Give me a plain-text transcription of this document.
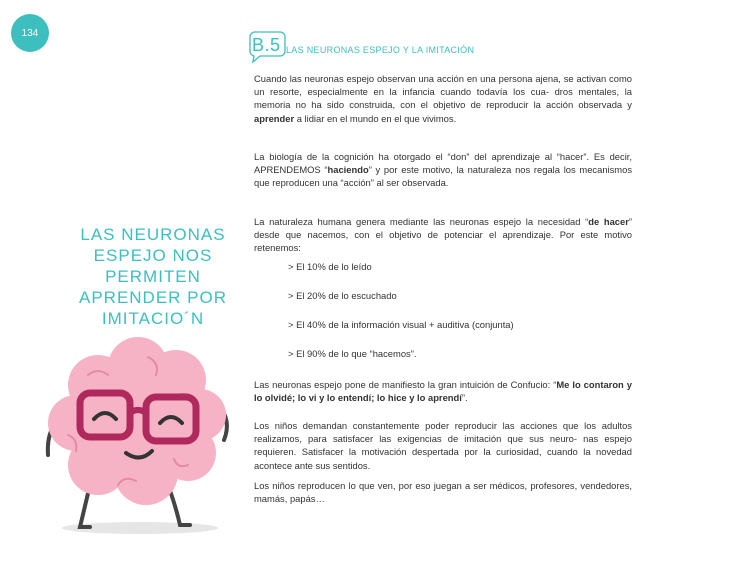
134
B.5 LAS NEURONAS ESPEJO Y LA IMITACIÓN
LAS NEURONAS
ESPEJO NOS
PERMITEN
APRENDER POR
IMITACIO´N

Cuando las neuronas espejo observan una acción en una persona ajena, se activan como un resorte, especialmente en la infancia cuando todavía los cua- dros mentales, la memoria no ha sido construida, con el objetivo de reproducir la acción observada y aprender a lidiar en el mundo en el que vivimos.

La biología de la cognición ha otorgado el “don” del aprendizaje al “hacer”. Es decir, APRENDEMOS “haciendo” y por este motivo, la naturaleza nos regala los mecanismos que reproducen una “acción” al ser observada.

La naturaleza humana genera mediante las neuronas espejo la necesidad “de hacer” desde que nacemos, con el objetivo de potenciar el aprendizaje. Por este motivo retenemos:

> El 10% de lo leído

> El 20% de lo escuchado

> El 40% de la información visual + auditiva (conjunta)

> El 90% de lo que “hacemos”.

Las neuronas espejo pone de manifiesto la gran intuición de Confucio: “Me lo contaron y lo olvidé; lo vi y lo entendí; lo hice y lo aprendí”.

Los niños demandan constantemente poder reproducir las acciones que los adultos realizamos, para satisfacer las exigencias de imitación que sus neuro- nas espejo requieren. Satisfacer la motivación despertada por la curiosidad, cuando la novedad acontece ante sus sentidos.

Los niños reproducen lo que ven, por eso juegan a ser médicos, profesores, vendedores, mamás, papás…
